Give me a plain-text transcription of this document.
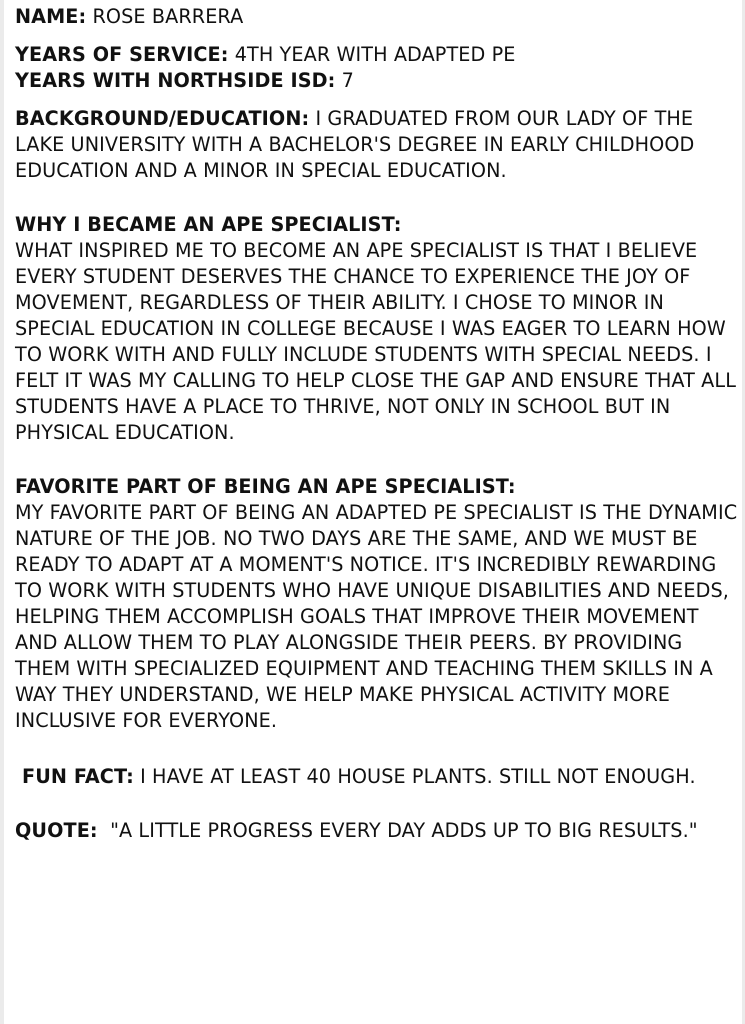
NAME: ROSE BARRERA

YEARS OF SERVICE: 4TH YEAR WITH ADAPTED PE

YEARS WITH NORTHSIDE ISD: 7

BACKGROUND/EDUCATION: I GRADUATED FROM OUR LADY OF THE LAKE UNIVERSITY WITH A BACHELOR'S DEGREE IN EARLY CHILDHOOD EDUCATION AND A MINOR IN SPECIAL EDUCATION.

WHY I BECAME AN APE SPECIALIST:

WHAT INSPIRED ME TO BECOME AN APE SPECIALIST IS THAT I BELIEVE EVERY STUDENT DESERVES THE CHANCE TO EXPERIENCE THE JOY OF MOVEMENT, REGARDLESS OF THEIR ABILITY. I CHOSE TO MINOR IN SPECIAL EDUCATION IN COLLEGE BECAUSE I WAS EAGER TO LEARN HOW TO WORK WITH AND FULLY INCLUDE STUDENTS WITH SPECIAL NEEDS. I FELT IT WAS MY CALLING TO HELP CLOSE THE GAP AND ENSURE THAT ALL STUDENTS HAVE A PLACE TO THRIVE, NOT ONLY IN SCHOOL BUT IN PHYSICAL EDUCATION.

FAVORITE PART OF BEING AN APE SPECIALIST:

MY FAVORITE PART OF BEING AN ADAPTED PE SPECIALIST IS THE DYNAMIC NATURE OF THE JOB. NO TWO DAYS ARE THE SAME, AND WE MUST BE READY TO ADAPT AT A MOMENT'S NOTICE. IT'S INCREDIBLY REWARDING TO WORK WITH STUDENTS WHO HAVE UNIQUE DISABILITIES AND NEEDS, HELPING THEM ACCOMPLISH GOALS THAT IMPROVE THEIR MOVEMENT AND ALLOW THEM TO PLAY ALONGSIDE THEIR PEERS. BY PROVIDING THEM WITH SPECIALIZED EQUIPMENT AND TEACHING THEM SKILLS IN A WAY THEY UNDERSTAND, WE HELP MAKE PHYSICAL ACTIVITY MORE INCLUSIVE FOR EVERYONE.

FUN FACT: I HAVE AT LEAST 40 HOUSE PLANTS. STILL NOT ENOUGH.

QUOTE: "A LITTLE PROGRESS EVERY DAY ADDS UP TO BIG RESULTS."
